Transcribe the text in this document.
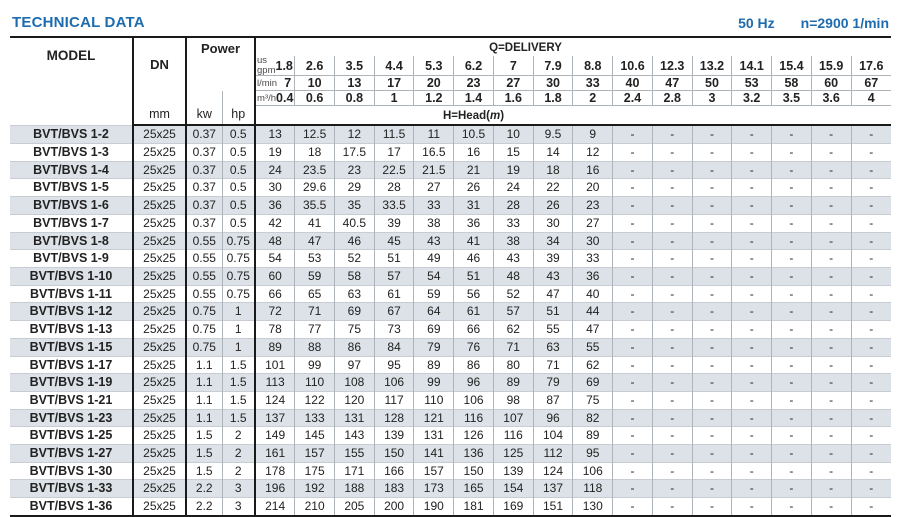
TECHNICAL DATA	50 Hz n=2900 1/min
MODEL	DN	Power		Q=DELIVERY															

				us
gpm 1.8	2.6	3.5	4.4	5.3	6.2	7	7.9	8.8	10.6	12.3	13.2	14.1	15.4	15.9	17.6

				l/min 7	10	13	17	20	23	27	30	33	40	47	50	53	58	60	67
	mm	kw	hp	m³/h 0.4	0.6	0.8	1	1.2	1.4	1.6	1.8	2	2.4	2.8	3	3.2	3.5	3.6	4
				H=Head(m)															
BVT/BVS 1-2	25x25	0.37	0.5	13	12.5	12	11.5	11	10.5	10	9.5	9	-	-	-	-	-	-	-
BVT/BVS 1-3	25x25	0.37	0.5	19	18	17.5	17	16.5	16	15	14	12	-	-	-	-	-	-	-
BVT/BVS 1-4	25x25	0.37	0.5	24	23.5	23	22.5	21.5	21	19	18	16	-	-	-	-	-	-	-
BVT/BVS 1-5	25x25	0.37	0.5	30	29.6	29	28	27	26	24	22	20	-	-	-	-	-	-	-
BVT/BVS 1-6	25x25	0.37	0.5	36	35.5	35	33.5	33	31	28	26	23	-	-	-	-	-	-	-
BVT/BVS 1-7	25x25	0.37	0.5	42	41	40.5	39	38	36	33	30	27	-	-	-	-	-	-	-
BVT/BVS 1-8	25x25	0.55	0.75	48	47	46	45	43	41	38	34	30	-	-	-	-	-	-	-
BVT/BVS 1-9	25x25	0.55	0.75	54	53	52	51	49	46	43	39	33	-	-	-	-	-	-	-
BVT/BVS 1-10	25x25	0.55	0.75	60	59	58	57	54	51	48	43	36	-	-	-	-	-	-	-
BVT/BVS 1-11	25x25	0.55	0.75	66	65	63	61	59	56	52	47	40	-	-	-	-	-	-	-
BVT/BVS 1-12	25x25	0.75	1	72	71	69	67	64	61	57	51	44	-	-	-	-	-	-	-
BVT/BVS 1-13	25x25	0.75	1	78	77	75	73	69	66	62	55	47	-	-	-	-	-	-	-
BVT/BVS 1-15	25x25	0.75	1	89	88	86	84	79	76	71	63	55	-	-	-	-	-	-	-
BVT/BVS 1-17	25x25	1.1	1.5	101	99	97	95	89	86	80	71	62	-	-	-	-	-	-	-
BVT/BVS 1-19	25x25	1.1	1.5	113	110	108	106	99	96	89	79	69	-	-	-	-	-	-	-
BVT/BVS 1-21	25x25	1.1	1.5	124	122	120	117	110	106	98	87	75	-	-	-	-	-	-	-
BVT/BVS 1-23	25x25	1.1	1.5	137	133	131	128	121	116	107	96	82	-	-	-	-	-	-	-
BVT/BVS 1-25	25x25	1.5	2	149	145	143	139	131	126	116	104	89	-	-	-	-	-	-	-
BVT/BVS 1-27	25x25	1.5	2	161	157	155	150	141	136	125	112	95	-	-	-	-	-	-	-
BVT/BVS 1-30	25x25	1.5	2	178	175	171	166	157	150	139	124	106	-	-	-	-	-	-	-
BVT/BVS 1-33	25x25	2.2	3	196	192	188	183	173	165	154	137	118	-	-	-	-	-	-	-
BVT/BVS 1-36	25x25	2.2	3	214	210	205	200	190	181	169	151	130	-	-	-	-	-	-	-
